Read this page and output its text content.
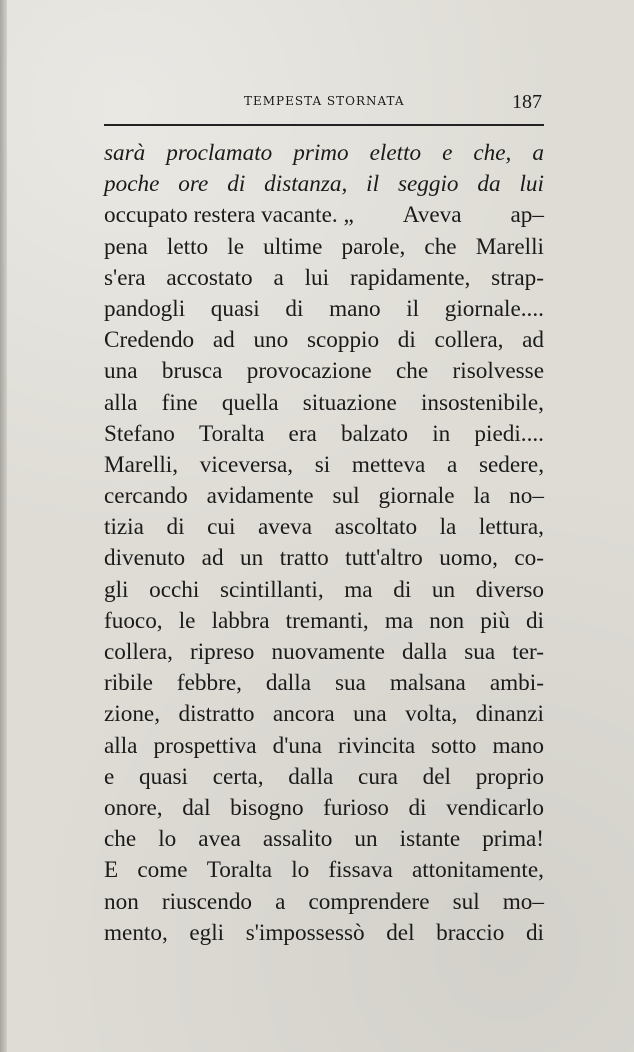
TEMPESTA STORNATA	187
sarà proclamato primo eletto e che, a
poche ore di distanza, il seggio da lui
occupato restera vacante. „ Aveva ap–
pena letto le ultime parole, che Marelli
s'era accostato a lui rapidamente, strap-
pandogli quasi di mano il giornale....
Credendo ad uno scoppio di collera, ad
una brusca provocazione che risolvesse
alla fine quella situazione insostenibile,
Stefano Toralta era balzato in piedi....
Marelli, viceversa, si metteva a sedere,
cercando avidamente sul giornale la no–
tizia di cui aveva ascoltato la lettura,
divenuto ad un tratto tutt'altro uomo, co-
gli occhi scintillanti, ma di un diverso
fuoco, le labbra tremanti, ma non più di
collera, ripreso nuovamente dalla sua ter-
ribile febbre, dalla sua malsana ambi-
zione, distratto ancora una volta, dinanzi
alla prospettiva d'una rivincita sotto mano
e quasi certa, dalla cura del proprio
onore, dal bisogno furioso di vendicarlo
che lo avea assalito un istante prima!
E come Toralta lo fissava attonitamente,
non riuscendo a comprendere sul mo–
mento, egli s'impossessò del braccio di
